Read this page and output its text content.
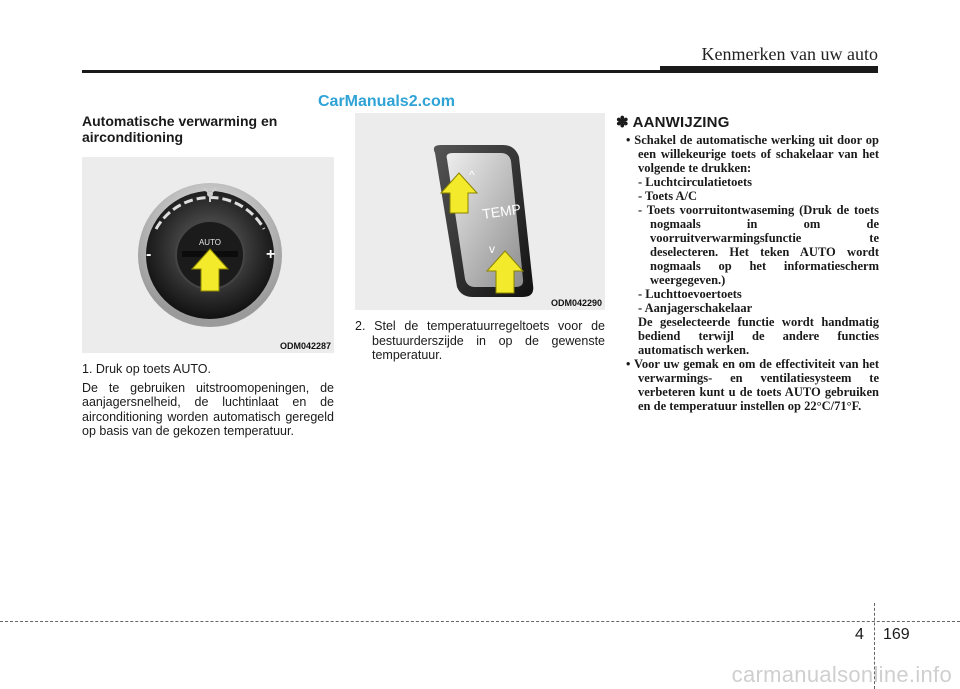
Kenmerken van uw auto
CarManuals2.com

Automatische verwarming en
airconditioning

-	+
AUTO
ODM042287

1. Druk op toets AUTO.

De te gebruiken uitstroomopeningen, de aanjagersnelheid, de luchtinlaat en de airconditioning worden automatisch geregeld op basis van de gekozen temperatuur.

^
TEMP
v
ODM042290

2. Stel de temperatuurregeltoets voor de bestuurderszijde in op de gewenste temperatuur.

✽ AANWIJZING

• Schakel de automatische werking uit door op een willekeurige toets of schakelaar van het volgende te drukken:

- Luchtcirculatietoets

- Toets A/C

- Toets voorruitontwaseming (Druk de toets nogmaals in om de voorruitverwarmingsfunctie te deselecteren. Het teken AUTO wordt nogmaals op het informatiescherm weergegeven.)

- Luchttoevoertoets

- Aanjagerschakelaar

De geselecteerde functie wordt handmatig bediend terwijl de andere functies automatisch werken.

• Voor uw gemak en om de effectiviteit van het verwarmings- en ventilatiesysteem te verbeteren kunt u de toets AUTO gebruiken en de temperatuur instellen op 22°C/71°F.

4 169
carmanualsonline.info
